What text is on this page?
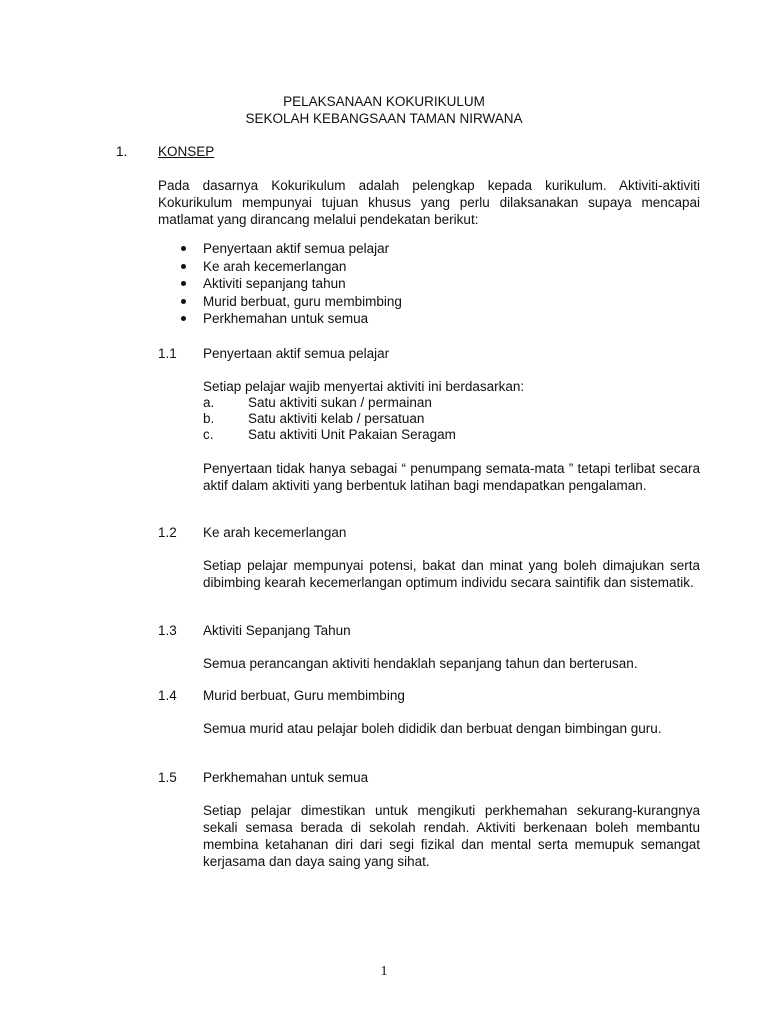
PELAKSANAAN KOKURIKULUM
SEKOLAH KEBANGSAAN TAMAN NIRWANA
1. KONSEP

Pada dasarnya Kokurikulum adalah pelengkap kepada kurikulum. Aktiviti-aktiviti Kokurikulum mempunyai tujuan khusus yang perlu dilaksanakan supaya mencapai matlamat yang dirancang melalui pendekatan berikut:

Penyertaan aktif semua pelajar
Ke arah kecemerlangan
Aktiviti sepanjang tahun
Murid berbuat, guru membimbing
Perkhemahan untuk semua
1.1 Penyertaan aktif semua pelajar
Setiap pelajar wajib menyertai aktiviti ini berdasarkan:
a. Satu aktiviti sukan / permainan
b. Satu aktiviti kelab / persatuan
c.	Satu aktiviti Unit Pakaian Seragam

Penyertaan tidak hanya sebagai “ penumpang semata-mata ” tetapi terlibat secara aktif dalam aktiviti yang berbentuk latihan bagi mendapatkan pengalaman.

1.2 Ke arah kecemerlangan

Setiap pelajar mempunyai potensi, bakat dan minat yang boleh dimajukan serta dibimbing kearah kecemerlangan optimum individu secara saintifik dan sistematik.

1.3 Aktiviti Sepanjang Tahun

Semua perancangan aktiviti hendaklah sepanjang tahun dan berterusan.

1.4 Murid berbuat, Guru membimbing

Semua murid atau pelajar boleh dididik dan berbuat dengan bimbingan guru.

1.5 Perkhemahan untuk semua

Setiap pelajar dimestikan untuk mengikuti perkhemahan sekurang-kurangnya sekali semasa berada di sekolah rendah. Aktiviti berkenaan boleh membantu membina ketahanan diri dari segi fizikal dan mental serta memupuk semangat kerjasama dan daya saing yang sihat.

1
